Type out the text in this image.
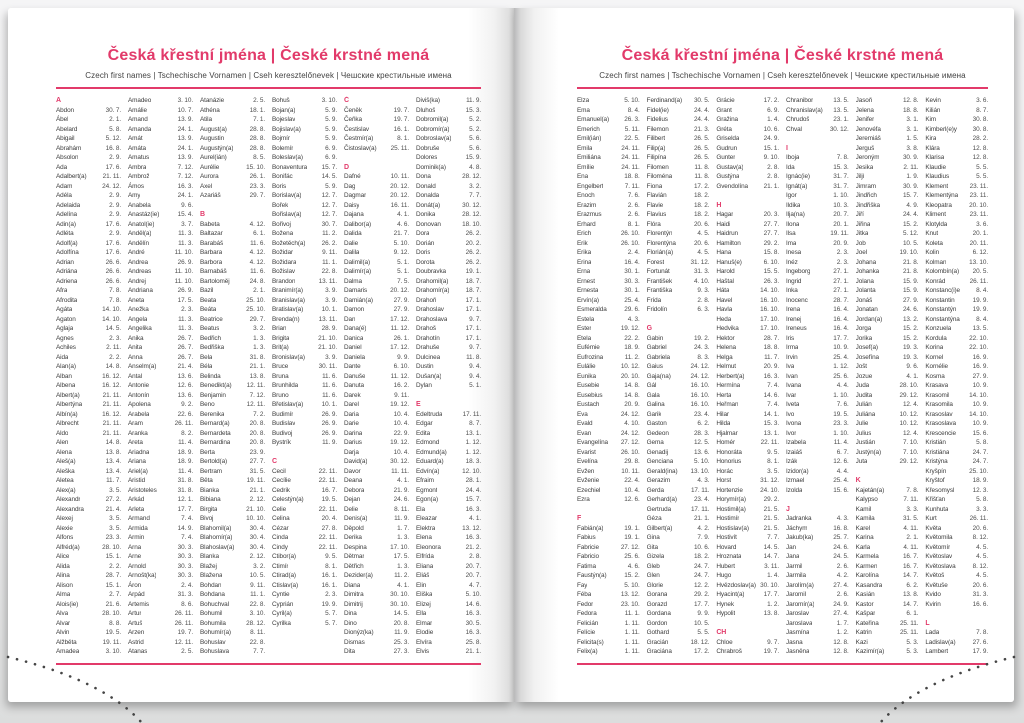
Česká křestní jména | České krstné mená

Czech first names | Tschechische Vornamen | Cseh keresztelőnevek | Чешские крестильные имена

A
Abdon	30. 7.
Ábel	2. 1.
Abelard	5. 8.
Abigail	5. 12.
Abrahám	16. 8.
Absolon	2. 9.
Ada	17. 6.
Adalbert(a)	21. 11.
Adam	24. 12.
Adéla	2. 9.
Adelaida	2. 9.
Adelína	2. 9.
Adin(a)	17. 6.
Adléta	2. 9.
Adolf(a)	17. 6.
Adolfína	17. 6.
Adrian	26. 6.
Adriána	26. 6.
Adriena	26. 6.
Afra	7. 8.
Afrodita	7. 8.
Agáta	14. 10.
Agaton	14. 10.
Aglaja	14. 5.
Agnes	2. 3.
Achiles	2. 11.
Aida	2. 2.
Alan(a)	14. 8.
Alban	16. 12.
Albena	16. 12.
Albert(a)	21. 11.
Albertýna	21. 11.
Albín(a)	16. 12.
Albrecht	21. 11.
Aldo	21. 11.
Alen	14. 8.
Alena	13. 8.
Aleš(a)	13. 4.
Aleška	13. 4.
Aletea	11. 7.
Alex(a)	3. 5.
Alexandr	27. 2.
Alexandra	21. 4.
Alexej	3. 5.
Alexie	3. 5.
Alfons	23. 3.
Alfréd(a)	28. 10.
Alice	15. 1.
Alida	2. 2.
Alina	28. 7.
Alison	15. 1.
Alma	2. 7.
Alois(ie)	21. 6.
Alva	28. 10.
Alvar	8. 8.
Alvin	19. 5.
Alžběta	19. 11.
Amadea	3. 10.
Amadeo	3. 10.
Amálie	10. 7.
Amand	13. 9.
Amanda	24. 1.
Amát	13. 9.
Amáta	24. 1.
Amatus	13. 9.
Ambra	7. 12.
Ambrož	7. 12.
Ámos	16. 3.
Amy	24. 1.
Anabela	9. 6.
Anastáz(ie)	15. 4.
Anatol(ie)	3. 7.
Anděl(a)	11. 3.
Andělín	11. 3.
André	11. 10.
Andrea	26. 9.
Andreas	11. 10.
Andrej	11. 10.
Andriana	26. 9.
Aneta	17. 5.
Anežka	2. 3.
Angela	11. 3.
Angelika	11. 3.
Anika	26. 7.
Anita	26. 7.
Anna	26. 7.
Anselm(a)	21. 4.
Antal	13. 6.
Antonie	12. 6.
Antonín	13. 6.
Apolena	9. 2.
Arabela	22. 6.
Aram	26. 11.
Aranka	8. 2.
Areta	11. 4.
Ariadna	18. 9.
Ariana	18. 9.
Ariel(a)	11. 4.
Aristid	31. 8.
Aristoteles	31. 8.
Arkád	12. 1.
Arleta	17. 7.
Armand	7. 4.
Armida	14. 9.
Armin	7. 4.
Arna	30. 3.
Arne	30. 3.
Arnold	30. 3.
Arnošt(ka)	30. 3.
Áron	2. 4.
Arpád	31. 3.
Artemis	8. 6.
Artur	26. 11.
Artuš	26. 11.
Arzen	19. 7.
Astrid	12. 11.
Atanas	2. 5.
Atanázie	2. 5.
Athéna	18. 1.
Atila	7. 1.
August(a)	28. 8.
Augustin	28. 8.
Augustýn(a)	28. 8.
Aurel(ián)	8. 5.
Aurélie	15. 10.
Aurora	26. 1.
Axel	23. 3.
Azariáš	29. 7.
B
Babeta	4. 12.
Baltazar	6. 1.
Barabáš	11. 6.
Barbara	4. 12.
Barbora	4. 12.
Barnabáš	11. 6.
Bartoloměj	24. 8.
Bazil	2. 1.
Beata	25. 10.
Beáta	25. 10.
Beatrice	29. 7.
Beatus	3. 2.
Bedřich	1. 3.
Bedřiška	1. 3.
Bela	31. 8.
Béla	21. 1.
Belinda	13. 8.
Benedikt(a) 12. 11.
Benjamin	7. 12.
Beno	12. 11.
Berenika	7. 2.
Bernard(a)	20. 8.
Bernardeta	20. 8.
Bernardina	20. 8.
Berta	23. 9.
Bertold(a)	27. 7.
Bertram	31. 5.
Běta	19. 11.
Bianka	21. 1.
Bibiana	2. 12.
Birgita	21. 10.
Bivoj	10. 10.
Blahomil(a)	30. 4.
Blahomír(a)	30. 4.
Blahoslav(a) 30. 4.
Blanka	2. 12.
Blažej	3. 2.
Blažena	10. 5.
Bohdan	9. 11.
Bohdana	11. 1.
Bohuchval	22. 8.
Bohumil	3. 10.
Bohumila	28. 12.
Bohumír(a)	8. 11.
Bohuslav	22. 8.
Bohuslava	7. 7.
Bohuš	3. 10.
Bojan(a)	5. 9.
Bojeslav	5. 9.
Bojislav(a)	5. 9.
Bojmír	5. 9.
Bolemír	6. 9.
Boleslav(a)	6. 9.
Bonaventura 15. 7.
Bonifác	14. 5.
Boris	5. 9.
Borislav(a)	12. 7.
Bořek	12. 7.
Bořislav(a)	12. 7.
Bořivoj	30. 7.
Božena	11. 2.
Božetěch(a)	26. 2.
Božidar	9. 11.
Božidara	11. 1.
Božislav	22. 8.
Brandon	13. 11.
Branimír(a)	3. 9.
Branislav(a)	3. 9.
Bratislav(a)	10. 1.
Brenda(n)	13. 11.
Brian	28. 9.
Brigita	21. 10.
Brit(a)	21. 10.
Bronislav(a)	3. 9.
Bruce	30. 11.
Bruna	11. 6.
Brunhilda	11. 6.
Bruno	11. 6.
Břetislav(a)	10. 1.
Budimír	26. 9.
Budislav	26. 9.
Budivoj	26. 9.
Bystrík	11. 9.
C
Cecil	22. 11.
Cecílie	22. 11.
Cedrik	16. 7.
Celestýn(a)	19. 5.
Celie	22. 11.
Celina	20. 4.
Cézar	27. 8.
Cinda	22. 11.
Cindy	22. 11.
Ctibor(a)	9. 5.
Ctimír	8. 1.
Ctirad(a)	16. 1.
Ctislav(a)	16. 1.
Cyntie	2. 3.
Cyprián	19. 9.
Cyril(a)	5. 7.
Cyrilka	5. 7.
Č
Čeněk	19. 7.
Čeňka	19. 7.
Čestislav	16. 1.
Čestmír(a)	8. 1.
Čistoslav(a) 25. 11.
D
Dafné	10. 11.
Dag	20. 12.
Dagmar	20. 12.
Daisy	16. 11.
Dajana	4. 1.
Dalibor(a)	4. 6.
Dalida	21. 7.
Dalie	5. 10.
Dalila	9. 12.
Dalimil(a)	5. 1.
Dalimír(a)	5. 1.
Dalma	7. 5.
Damaris	20. 12.
Damián(a)	27. 9.
Damon	27. 9.
Dan	17. 12.
Dana(é)	11. 12.
Danica	26. 1.
Daniel	17. 12.
Daniela	9. 9.
Dante	6. 10.
Danuše	11. 12.
Danuta	16. 2.
Darek	9. 11.
Darel	19. 12.
Daria	10. 4.
Darie	10. 4.
Darina	22. 9.
Darius	19. 12.
Darja	10. 4.
David(a)	30. 12.
Davor	11. 11.
Deana	4. 1.
Debora	21. 9.
Dejan	24. 6.
Delie	8. 11.
Denis(a)	11. 9.
Děpold	1. 7.
Derika	1. 3.
Despina	17. 10.
Dětmar	17. 5.
Dětřich	1. 3.
Dezider(a)	11. 2.
Diana	4. 1.
Dimitra	30. 10.
Dimitrij	30. 10.
Dina	14. 5.
Dino	20. 8.
Dionýz(ka)	11. 9.
Dismas	25. 3.
Dita	27. 3.
Diviš(ka)	11. 9.
Dluhoš	15. 3.
Dobromil(a)	5. 2.
Dobromír(a)	5. 2.
Dobroslav(a)	5. 6.
Dobruše	5. 6.
Dolores	15. 9.
Dominik(a)	4. 8.
Dona	28. 12.
Donald	3. 2.
Donalda	7. 7.
Donát(a)	30. 12.
Donika	28. 12.
Donovan	18. 10.
Dora	26. 2.
Dorián	20. 2.
Doris	26. 2.
Dorota	26. 2.
Doubravka	19. 1.
Drahomil(a)	18. 7.
Drahomír(a)	18. 7.
Drahoň	17. 1.
Drahoslav	17. 1.
Drahoslava	9. 7.
Drahoš	17. 1.
Drahotín	17. 1.
Drahuše	9. 7.
Dulcinea	11. 8.
Dustin	9. 4.
Dušan(a)	9. 4.
Dylan	5. 1.
E
Edeltruda	17. 11.
Edgar	8. 7.
Edita	13. 1.
Edmond	1. 12.
Edmund(a)	1. 12.
Eduard(a)	18. 3.
Edvín(a)	12. 10.
Efraim	28. 1.
Egmont	24. 4.
Egon(a)	15. 7.
Ela	16. 3.
Eleazar	4. 1.
Elektra	13. 12.
Elena	16. 3.
Eleonora	21. 2.
Elfrída	2. 8.
Eliana	20. 7.
Eliáš	20. 7.
Elin	4. 7.
Eliška	5. 10.
Elizej	14. 6.
Ella	16. 3.
Elmar	30. 5.
Elodie	16. 3.
Elvíra	25. 8.
Elvis	21. 1.
Česká křestní jména | České krstné mená

Czech first names | Tschechische Vornamen | Cseh keresztelőnevek | Чешские крестильные имена

Elza	5. 10.
Ema	8. 4.
Emanuel(a) 26. 3.
Emerich	5. 11.
Emil(ián)	22. 5.
Emila	24. 11.
Emiliána	24. 11.
Emílie	24. 11.
Ena	18. 8.
Engelbert	7. 11.
Enoch	7. 6.
Erazim	2. 6.
Erazmus	2. 6.
Erhard	8. 1.
Erich	26. 10.
Erik	26. 10.
Erika	2. 4.
Erina	16. 4.
Erna	30. 1.
Ernest	30. 3.
Ernesta	30. 1.
Ervín(a)	25. 4.
Esmeralda	29. 6.
Estela	4. 3.
Ester	19. 12.
Etela	22. 2.
Eufémie	18. 9.
Eufrozina	11. 2.
Eulálie	10. 12.
Eunika	20. 10.
Eusebie	14. 8.
Eusebius	14. 8.
Eustach	20. 9.
Eva	24. 12.
Evald	4. 10.
Evan	24. 12.
Evangelína 27. 12.
Evarist	26. 10.
Evelína	29. 8.
Evžen	10. 11.
Evženie	22. 4.
Ezechiel	10. 4.
Ezra	12. 6.
F
Fabián(a)	19. 1.
Fabius	19. 1.
Fabricie	27. 12.
Fabricio	25. 6.
Fatima	4. 6.
Faustýn(a)	15. 2.
Fay	5. 10.
Féba	13. 12.
Fedor	23. 10.
Fedora	11. 1.
Felicián	1. 11.
Felície	1. 11.
Felicita(s)	1. 11.
Felix(a)	1. 11.
Ferdinand(a) 30. 5.
Fidel(ie)	24. 4.
Fidelius	24. 4.
Filemon	21. 3.
Filibert	26. 5.
Filip(a)	26. 5.
Filipína	26. 5.
Filomen	11. 8.
Filoména	11. 8.
Fiona	17. 2.
Flavián	18. 2.
Flavie	18. 2.
Flavius	18. 2.
Flóra	20. 6.
Florentýn	4. 5.
Florentýna	20. 6.
Florián(a)	4. 5.
Forest	31. 12.
Fortunát	31. 3.
František	4. 10.
Františka	9. 3.
Frída	2. 8.
Fridolín	6. 3.
G
Gabin	19. 2.
Gabriel	24. 3.
Gabriela	8. 3.
Gaius	24. 12.
Gaja(na)	24. 12.
Gál	16. 10.
Gala	16. 10.
Galina	16. 10.
Garik	23. 4.
Gaston	6. 2.
Gedeon	28. 3.
Gema	12. 5.
Genadij	13. 6.
Genciana	5. 10.
Gerald(ina) 13. 10.
Gerazim	4. 3.
Gerda	17. 11.
Gerhard(a)	23. 4.
Gertruda	17. 11.
Géza	21. 1.
Gilbert(a)	4. 2.
Gina	7. 9.
Gita	10. 6.
Gizela	18. 2.
Gleb	24. 7.
Glen	24. 7.
Glorie	12. 2.
Gorana	29. 2.
Gorazd	17. 7.
Gordana	9. 9.
Gordon	10. 5.
Gothard	5. 5.
Gracián	18. 12.
Graciána	17. 2.
Grácie	17. 2.
Grant	6. 9.
Gražina	1. 4.
Gréta	10. 6.
Griselda	24. 9.
Gudrun	15. 1.
Gunter	9. 10.
Gustav(a)	2. 8.
Gustýna	2. 8.
Gvendolína 21. 1.
H
Hagar	20. 3.
Haidi	27. 7.
Haidrun	27. 7.
Hamilton	29. 2.
Hana	15. 8.
Hanuš(e)	6. 10.
Harold	15. 5.
Haštal	26. 3.
Háta	14. 10.
Havel	16. 10.
Havla	16. 10.
Heda	17. 10.
Hedvika	17. 10.
Hektor	28. 7.
Helena	18. 8.
Helga	11. 7.
Helmut	20. 9.
Herbert(a)	16. 3.
Hermína	7. 4.
Herta	14. 6.
Heřman	7. 4.
Hilar	14. 1.
Hilda	15. 3.
Hjalmar	13. 1.
Homér	22. 11.
Honoráta	9. 5.
Honorius	8. 1.
Horác	3. 5.
Horst	31. 12.
Hortenzie	24. 10.
Horymír(a)	29. 2.
Hostimil(a)	21. 5.
Hostimír	21. 5.
Hostislav(a) 21. 5.
Hostivít	7. 7.
Hovard	14. 5.
Hroznata	14. 7.
Hubert	3. 11.
Hugo	1. 4.
Hvězdoslav(a) 30. 10.
Hyacint(a)	17. 7.
Hynek	1. 2.
Hypolit	13. 8.
CH
Chloe	9. 7.
Chrabroš	19. 7.
Chranibor	13. 5.
Chranislav(a) 13. 5.
Chrudoš	23. 1.
Chval	30. 12.
I
Iboja	7. 8.
Ida	15. 3.
Ignác(ie)	31. 7.
Ignát(a)	31. 7.
Igor	1. 10.
Ildika	10. 3.
Ilja(na)	20. 7.
Ilona	20. 1.
Ilsa	19. 11.
Ima	20. 9.
Inesa	2. 3.
Inéz	2. 3.
Ingeborg	27. 1.
Ingrid	27. 1.
Inka	27. 1.
Inocenc	28. 7.
Irena	16. 4.
Irenej	16. 4.
Ireneus	16. 4.
Iris	17. 7.
Irma	10. 9.
Irvin	25. 4.
Iva	1. 12.
Ivan	25. 6.
Ivana	4. 4.
Ivar	1. 10.
Iveta	7. 6.
Ivo	19. 5.
Ivona	23. 3.
Ivor	1. 10.
Izabela	11. 4.
Izaiáš	6. 7.
Izák	12. 6.
Izidor(a)	4. 4.
Izmael	25. 4.
Izolda	15. 6.
J
Jadranka	4. 3.
Jáchym	16. 8.
Jakub(ka)	25. 7.
Jan	24. 6.
Jana	24. 5.
Jarmil	2. 6.
Jarmila	4. 2.
Jarolím(a)	27. 4.
Jaromil	2. 6.
Jaromír(a)	24. 9.
Jaroslav	27. 4.
Jaroslava	1. 7.
Jasmína	1. 2.
Jasna	12. 8.
Jasněna	12. 8.
Jasoň	12. 8.
Jelena	18. 8.
Jenifer	3. 1.
Jenovéfa	3. 1.
Jeremiáš	1. 5.
Jerguš	3. 8.
Jeroným	30. 9.
Jesika	2. 11.
Jiljí	1. 9.
Jimram	30. 9.
Jindřich	15. 7.
Jindřiška	4. 9.
Jiří	24. 4.
Jiřina	15. 2.
Jitka	5. 12.
Job	10. 5.
Joel	19. 10.
Johana	21. 8.
Johanka	21. 8.
Jolana	15. 9.
Jolanta	15. 9.
Jonáš	27. 9.
Jonatan	24. 6.
Jordan(a)	13. 2.
Jorga	15. 2.
Jorika	15. 2.
Josef(a)	19. 3.
Josefína	19. 3.
Jošt	9. 6.
Jozue	4. 1.
Juda	28. 10.
Judita	29. 12.
Julián	12. 4.
Juliána	10. 12.
Julie	10. 12.
Julius	12. 4.
Justián	7. 10.
Justýn(a)	7. 10.
Juta	29. 12.
K
Kajetán(a)	7. 8.
Kalypso	7. 11.
Kamil	3. 3.
Kamila	31. 5.
Karel	4. 11.
Karina	2. 1.
Karla	4. 11.
Karmela	16. 7.
Karmen	16. 7.
Karolína	14. 7.
Kasandra	6. 2.
Kasián	13. 8.
Kastor	14. 7.
Kašpar	6. 1.
Kateřina	25. 11.
Katrin	25. 11.
Kazi	5. 3.
Kazimír(a)	5. 3.
Kevin	3. 6.
Kilián	8. 7.
Kim	30. 8.
Kimberl(e)y 30. 8.
Kira	28. 2.
Klára	12. 8.
Klarisa	12. 8.
Klaudie	5. 5.
Klaudius	5. 5.
Klement	23. 11.
Klementýna 23. 11.
Kleopatra	20. 10.
Kliment	23. 11.
Klotylda	3. 6.
Knut	20. 1.
Koleta	20. 11.
Kolin	6. 12.
Kolman	13. 10.
Kolombín(a) 20. 5.
Konrád	26. 11.
Konstanc(i)e	8. 4.
Konstantin	19. 9.
Konstantýn	19. 9.
Konstantýna	8. 4.
Konzuela	13. 5.
Kordula	22. 10.
Korina	22. 10.
Kornel	16. 9.
Kornélie	16. 9.
Kosma	27. 9.
Krasava	10. 9.
Krasomil	14. 10.
Krasomila	10. 9.
Krasoslav	14. 10.
Krasoslava	10. 9.
Krescencie	15. 6.
Kristián	5. 8.
Kristiána	24. 7.
Kristýna	24. 7.
Kryšpín	25. 10.
Kryštof	18. 9.
Křesomysl	12. 3.
Křišťan	5. 8.
Kunhuta	3. 3.
Kurt	26. 11.
Květa	20. 6.
Květomila	8. 12.
Květomír	4. 5.
Květoslav	4. 5.
Květoslava	8. 12.
Květoš	4. 5.
Květuše	20. 6.
Kvido	31. 3.
Kvirin	16. 6.
L
Lada	7. 8.
Ladislav(a)	27. 6.
Lambert	17. 9.
